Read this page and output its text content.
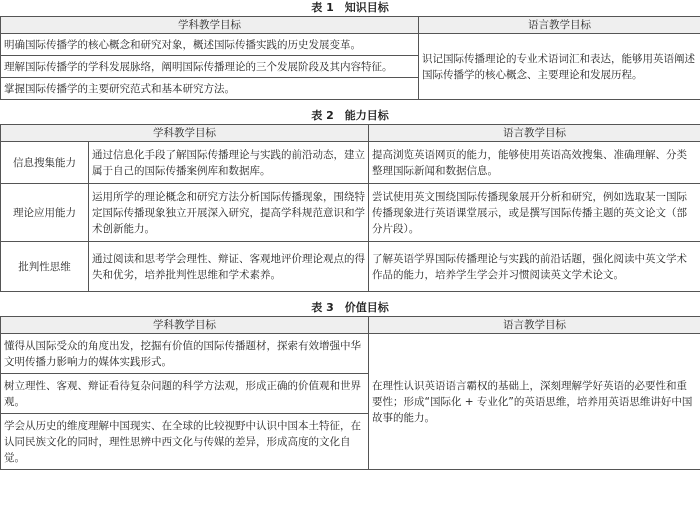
表 1　知识目标
学科教学目标	语言教学目标
明确国际传播学的核心概念和研究对象，概述国际传播实践的历史发展变革。	识记国际传播理论的专业术语词汇和表达，能够用英语阐述国际传播学的核心概念、主要理论和发展历程。
理解国际传播学的学科发展脉络，阐明国际传播理论的三个发展阶段及其内容特征。	
掌握国际传播学的主要研究范式和基本研究方法。	
表 2　能力目标
学科教学目标		语言教学目标
信息搜集能力	通过信息化手段了解国际传播理论与实践的前沿动态，建立属于自己的国际传播案例库和数据库。	提高浏览英语网页的能力，能够使用英语高效搜集、准确理解、分类整理国际新闻和数据信息。
理论应用能力	运用所学的理论概念和研究方法分析国际传播现象，围绕特定国际传播现象独立开展深入研究，提高学科规范意识和学术创新能力。	尝试使用英文围绕国际传播现象展开分析和研究，例如选取某一国际传播现象进行英语课堂展示，或是撰写国际传播主题的英文论文（部分片段）。
批判性思维	通过阅读和思考学会理性、辩证、客观地评价理论观点的得失和优劣，培养批判性思维和学术素养。	了解英语学界国际传播理论与实践的前沿话题，强化阅读中英文学术作品的能力，培养学生学会并习惯阅读英文学术论文。
表 3　价值目标
学科教学目标	语言教学目标
懂得从国际受众的角度出发，挖掘有价值的国际传播题材，探索有效增强中华文明传播力影响力的媒体实践形式。	在理性认识英语语言霸权的基础上，深刻理解学好英语的必要性和重要性；形成“国际化 + 专业化”的英语思维，培养用英语思维讲好中国故事的能力。
树立理性、客观、辩证看待复杂问题的科学方法观，形成正确的价值观和世界观。	
学会从历史的维度理解中国现实、在全球的比较视野中认识中国本土特征，在认同民族文化的同时，理性思辨中西文化与传媒的差异，形成高度的文化自觉。	
